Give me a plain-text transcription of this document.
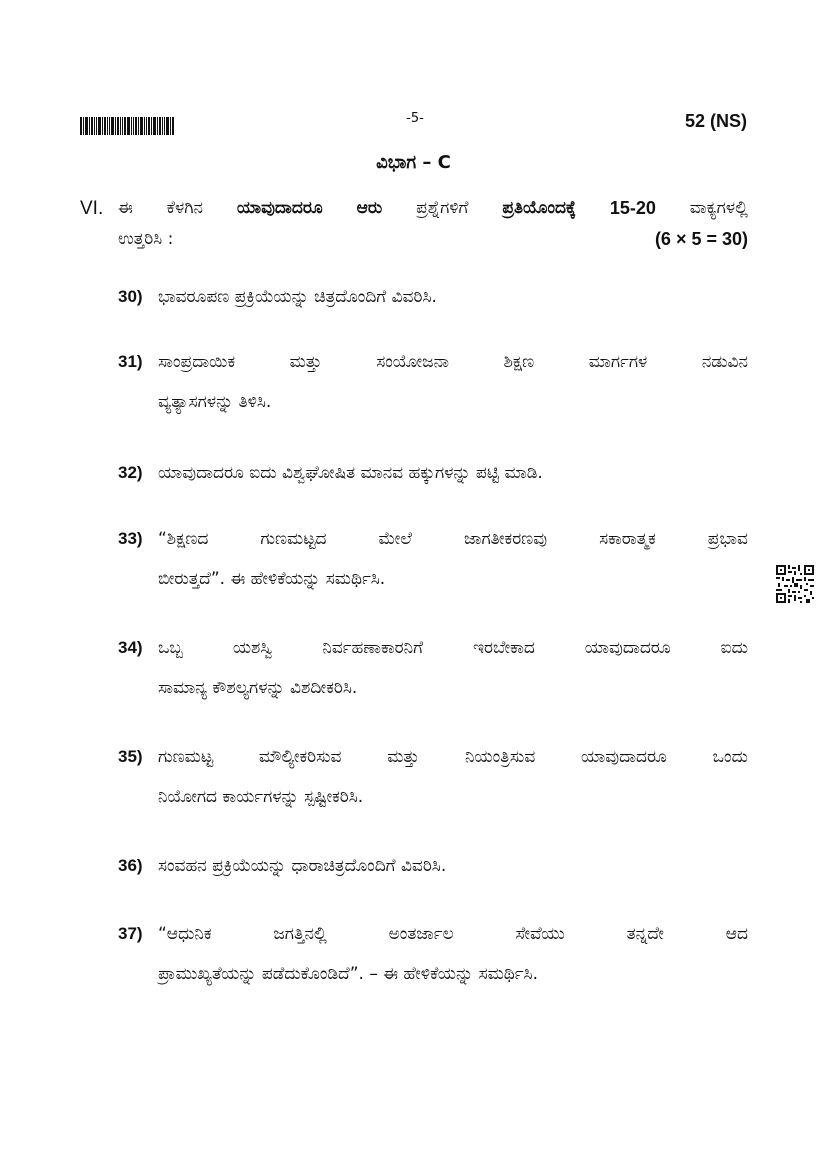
-5-	52 (NS)
ವಿಭಾಗ – C
VI. ಈ ಕೆಳಗಿನ ಯಾವುದಾದರೂ ಆರು ಪ್ರಶ್ನೆಗಳಿಗೆ ಪ್ರತಿಯೊಂದಕ್ಕೆ 15-20 ವಾಕ್ಯಗಳಲ್ಲಿ
ಉತ್ತರಿಸಿ :	(6 × 5 = 30)
30) ಭಾವರೂಪಣ ಪ್ರಕ್ರಿಯೆಯನ್ನು ಚಿತ್ರದೊಂದಿಗೆ ವಿವರಿಸಿ.
31) ಸಾಂಪ್ರದಾಯಿಕ	ಮತ್ತು	ಸಂಯೋಜನಾ	ಶಿಕ್ಷಣ	ಮಾರ್ಗಗಳ	ನಡುವಿನ
ವ್ಯತ್ಯಾಸಗಳನ್ನು ತಿಳಿಸಿ.
32) ಯಾವುದಾದರೂ ಐದು ವಿಶ್ವಘೋಷಿತ ಮಾನವ ಹಕ್ಕುಗಳನ್ನು ಪಟ್ಟಿ ಮಾಡಿ.
33) “ಶಿಕ್ಷಣದ	ಗುಣಮಟ್ಟದ	ಮೇಲೆ	ಜಾಗತೀಕರಣವು	ಸಕಾರಾತ್ಮಕ	ಪ್ರಭಾವ
ಬೀರುತ್ತದೆ”. ಈ ಹೇಳಿಕೆಯನ್ನು ಸಮರ್ಥಿಸಿ.
34) ಒಬ್ಬ	ಯಶಸ್ವಿ	ನಿರ್ವಹಣಾಕಾರನಿಗೆ	ಇರಬೇಕಾದ	ಯಾವುದಾದರೂ	ಐದು
ಸಾಮಾನ್ಯ ಕೌಶಲ್ಯಗಳನ್ನು ವಿಶದೀಕರಿಸಿ.
35) ಗುಣಮಟ್ಟ	ಮೌಲ್ಯೀಕರಿಸುವ	ಮತ್ತು	ನಿಯಂತ್ರಿಸುವ	ಯಾವುದಾದರೂ	ಒಂದು
ನಿಯೋಗದ ಕಾರ್ಯಗಳನ್ನು ಸ್ಪಷ್ಟೀಕರಿಸಿ.
36) ಸಂವಹನ ಪ್ರಕ್ರಿಯೆಯನ್ನು ಧಾರಾಚಿತ್ರದೊಂದಿಗೆ ವಿವರಿಸಿ.
37) “ಆಧುನಿಕ	ಜಗತ್ತಿನಲ್ಲಿ	ಅಂತರ್ಜಾಲ	ಸೇವೆಯು	ತನ್ನದೇ	ಆದ
ಪ್ರಾಮುಖ್ಯತೆಯನ್ನು ಪಡೆದುಕೊಂಡಿದೆ”. – ಈ ಹೇಳಿಕೆಯನ್ನು ಸಮರ್ಥಿಸಿ.
